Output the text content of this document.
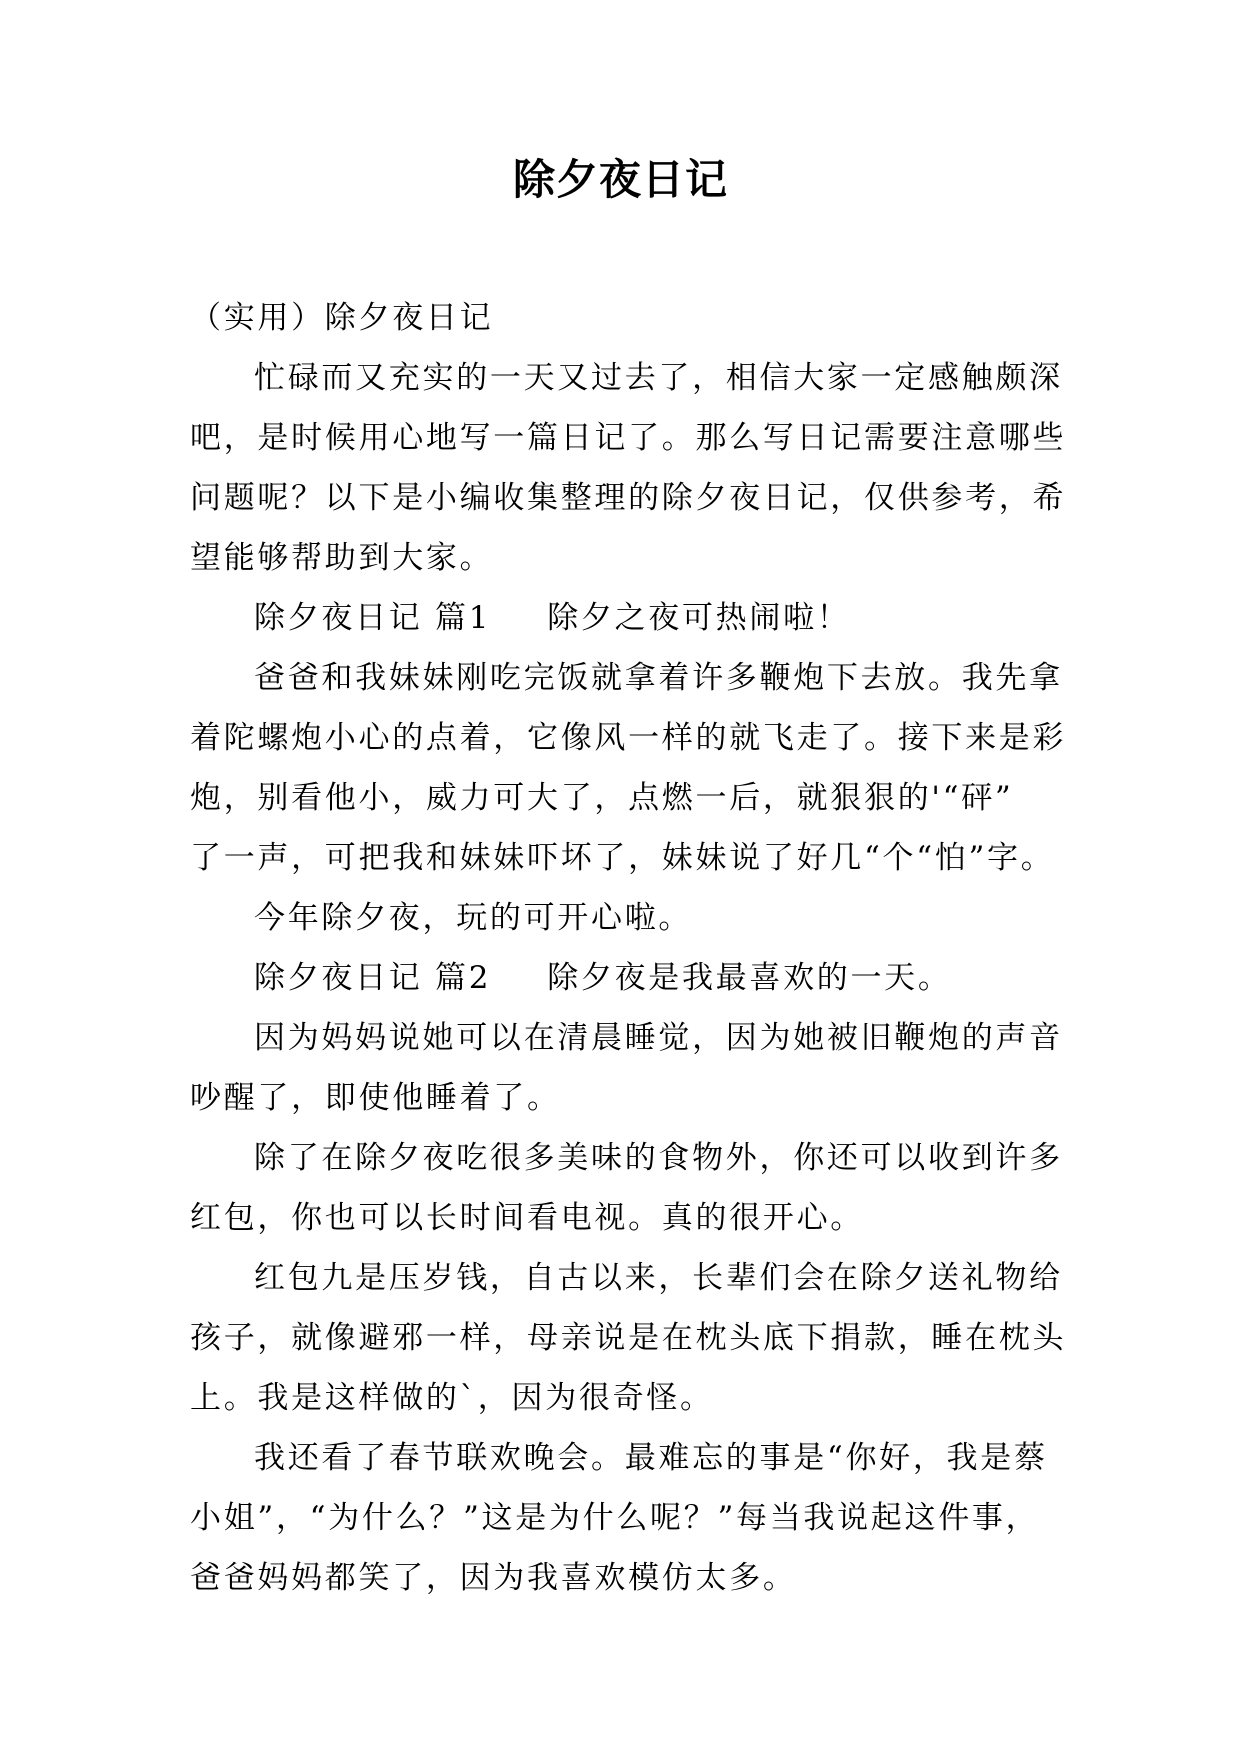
除夕夜日记
（实用）除夕夜日记
忙碌而又充实的一天又过去了，相信大家一定感触颇深
吧，是时候用心地写一篇日记了。那么写日记需要注意哪些
问题呢？以下是小编收集整理的除夕夜日记，仅供参考，希
望能够帮助到大家。
除夕夜日记 篇1 除夕之夜可热闹啦！
爸爸和我妹妹刚吃完饭就拿着许多鞭炮下去放。我先拿
着陀螺炮小心的点着，它像风一样的就飞走了。接下来是彩
炮，别看他小，威力可大了，点燃一后，就狠狠的'“砰”
了一声，可把我和妹妹吓坏了，妹妹说了好几“个“怕”字。
今年除夕夜，玩的可开心啦。
除夕夜日记 篇2 除夕夜是我最喜欢的一天。
因为妈妈说她可以在清晨睡觉，因为她被旧鞭炮的声音
吵醒了，即使他睡着了。
除了在除夕夜吃很多美味的食物外，你还可以收到许多
红包，你也可以长时间看电视。真的很开心。
红包九是压岁钱，自古以来，长辈们会在除夕送礼物给
孩子，就像避邪一样，母亲说是在枕头底下捐款，睡在枕头
上。我是这样做的`，因为很奇怪。
我还看了春节联欢晚会。最难忘的事是“你好，我是蔡
小姐”，“为什么？”这是为什么呢？”每当我说起这件事，
爸爸妈妈都笑了，因为我喜欢模仿太多。
